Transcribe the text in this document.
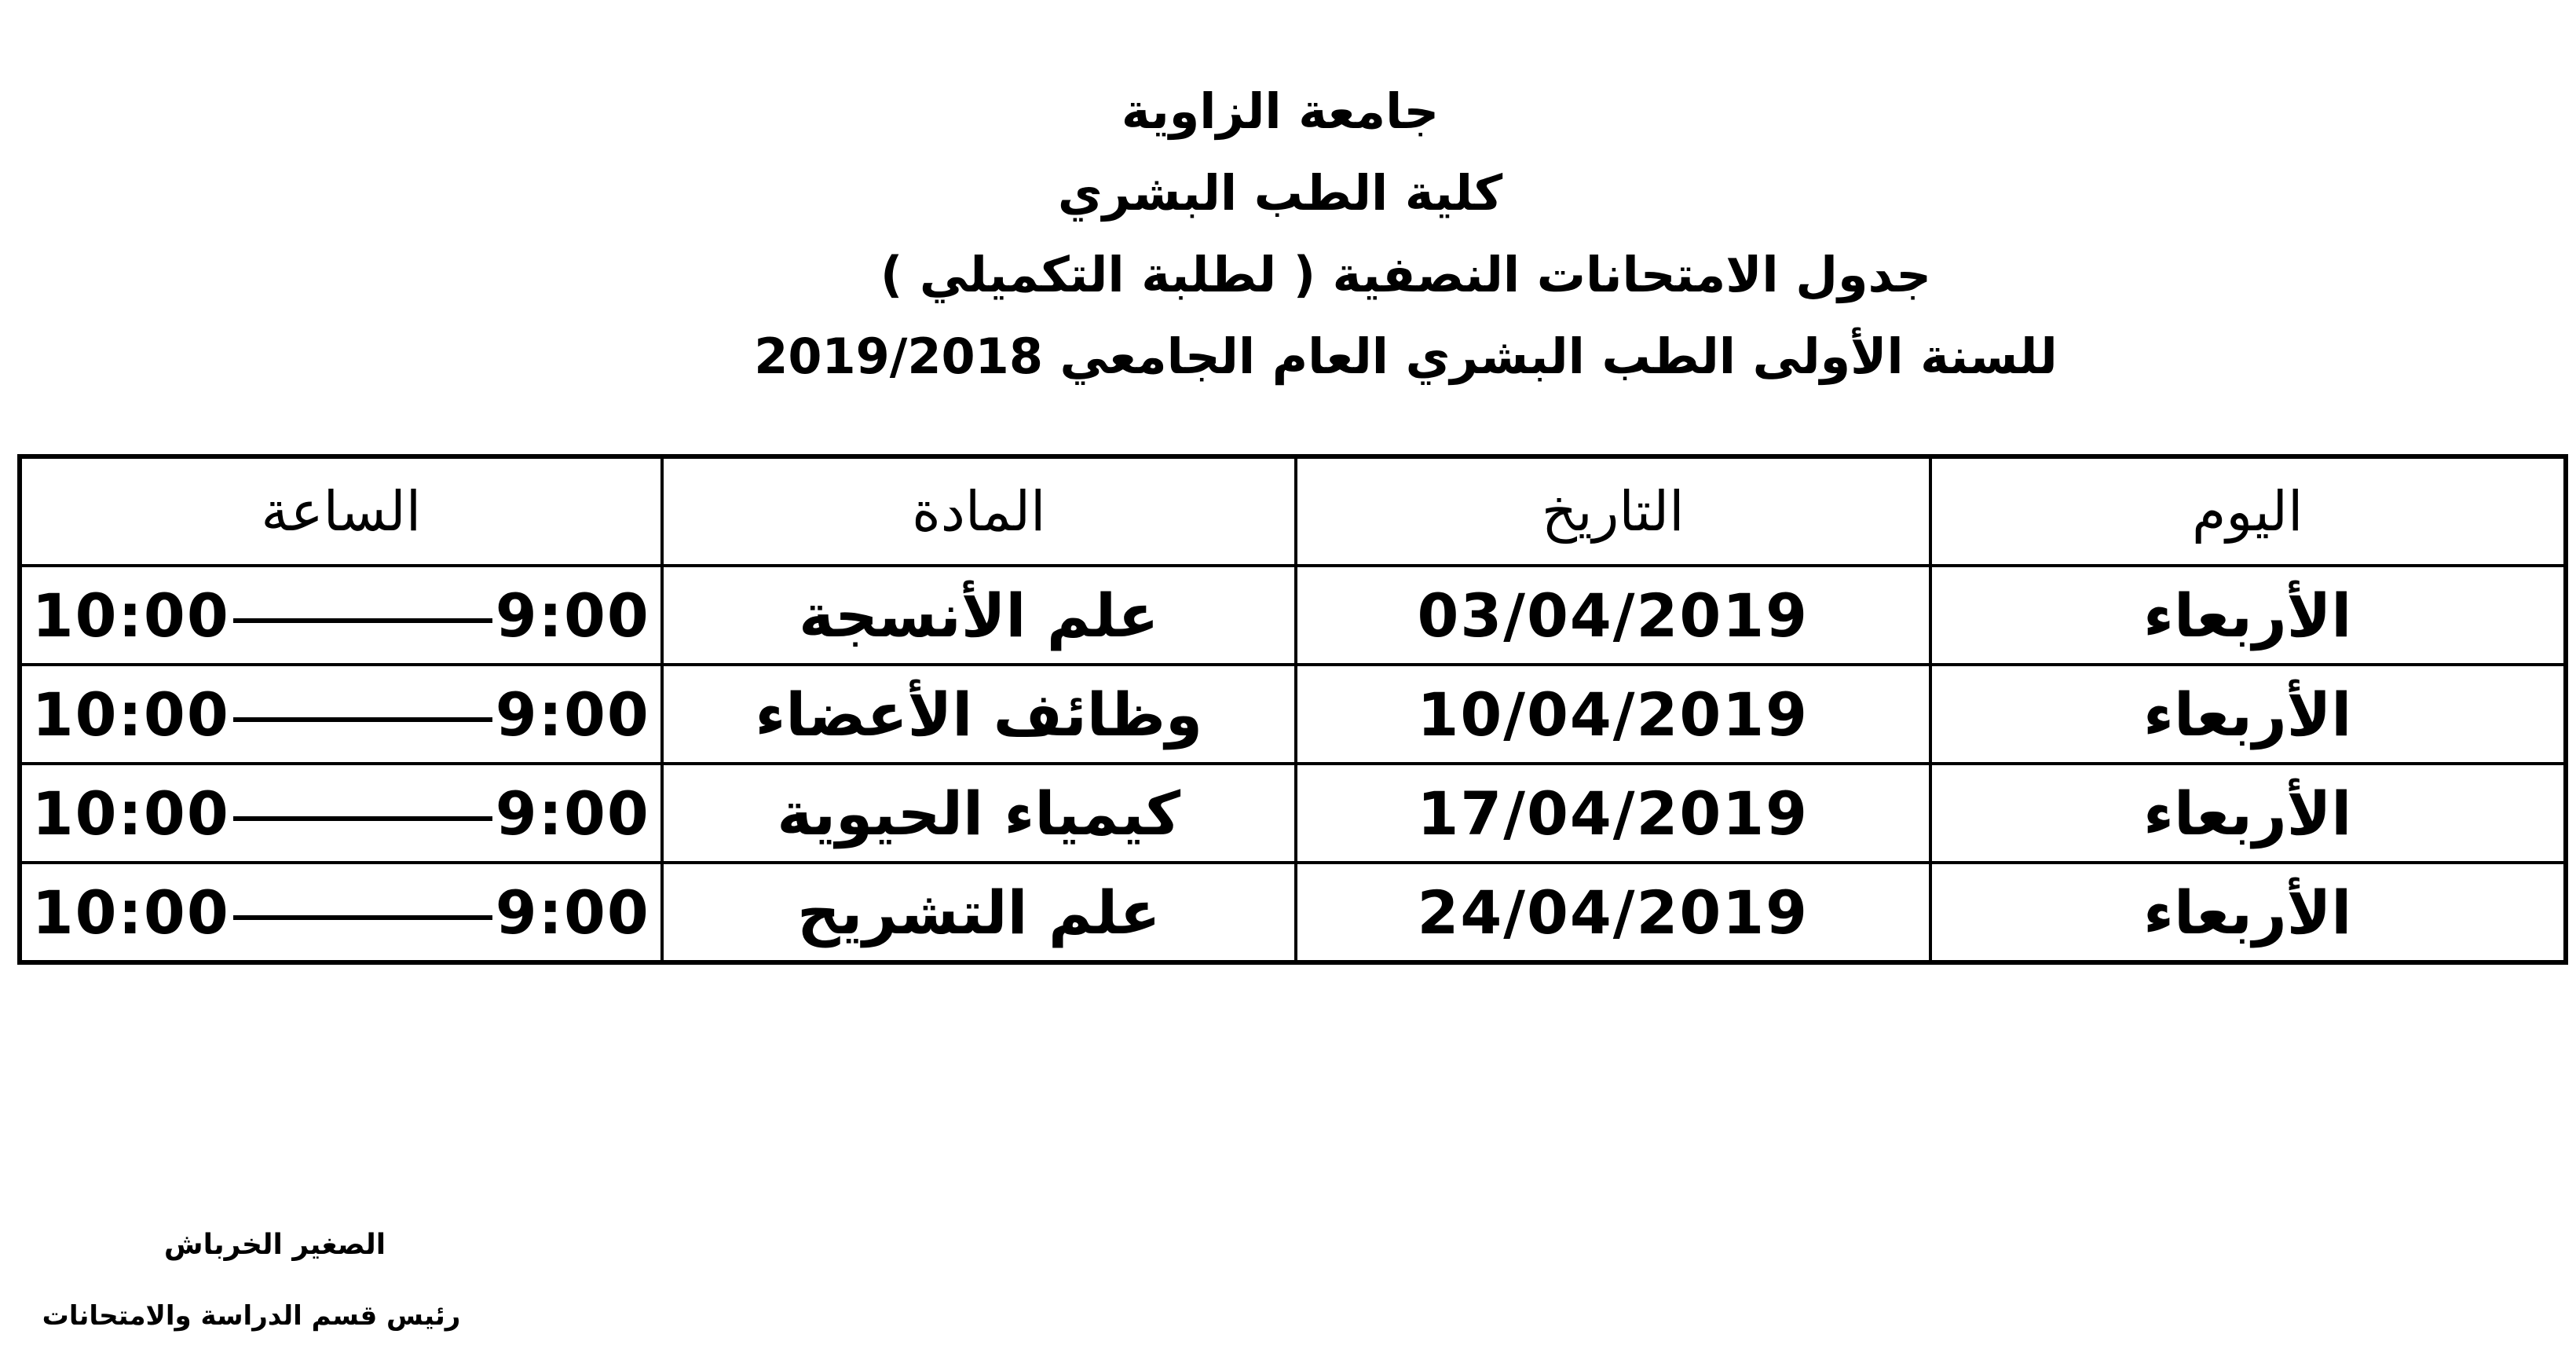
جامعة الزاوية
كلية الطب البشري
جدول الامتحانات النصفية ( لطلبة التكميلي )
للسنة الأولى الطب البشري العام الجامعي 2019/2018
اليوم	التاريخ	المادة	الساعة
الأربعاء	03/04/2019	علم الأنسجة	10:00 9:00

الأربعاء	10/04/2019	وظائف الأعضاء	10:00 9:00

الأربعاء	17/04/2019	كيمياء الحيوية	10:00 9:00

الأربعاء	24/04/2019	علم التشريح	10:00 9:00
الصغير الخرباش
رئيس قسم الدراسة والامتحانات
